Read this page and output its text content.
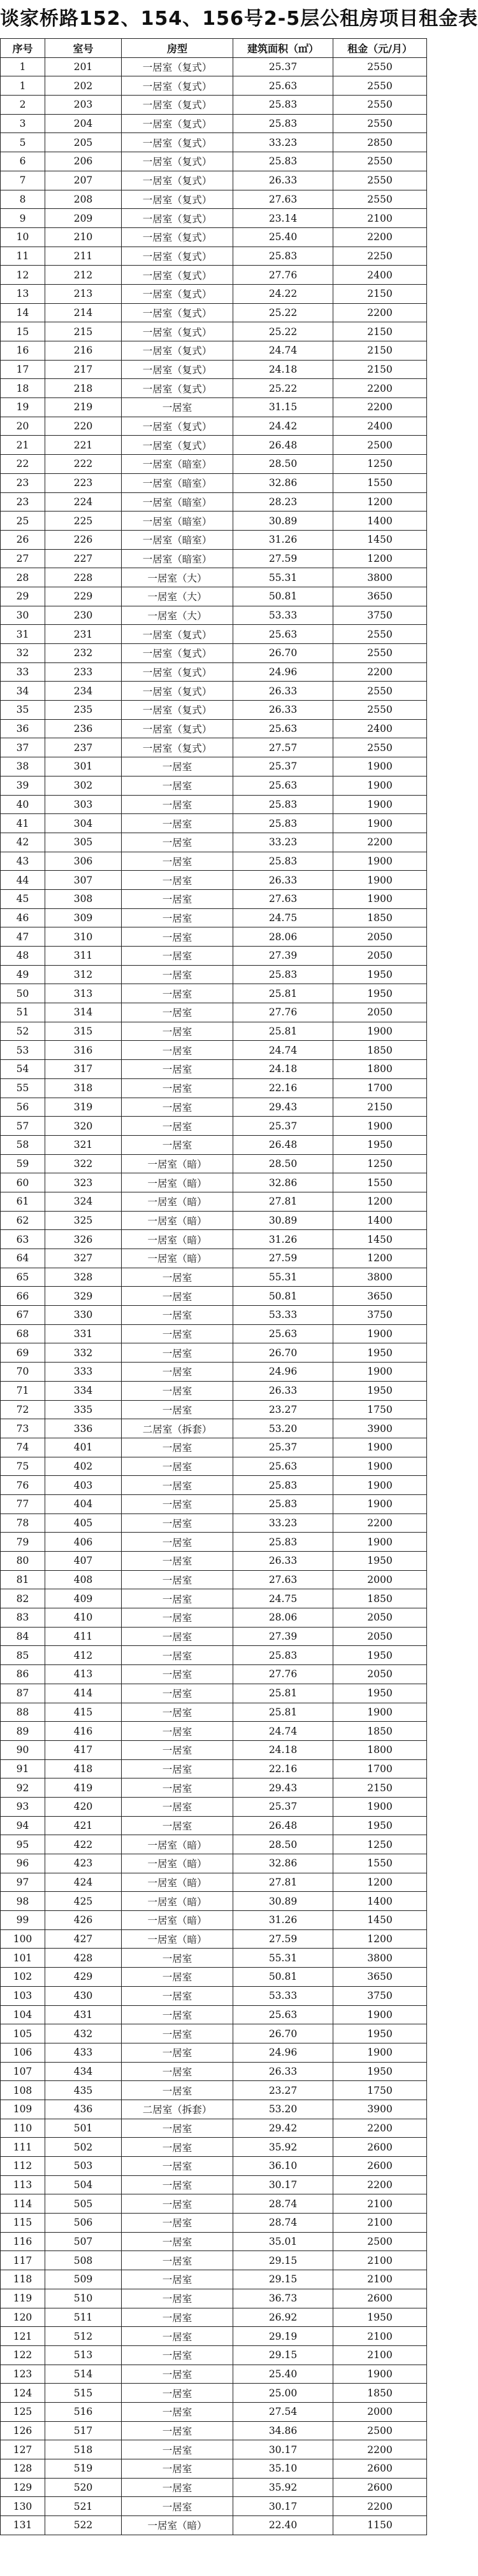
谈家桥路152、154、156号2-5层公租房项目租金表
序号	室号	房型	建筑面积（㎡）	租金（元/月）
1	201	一居室（复式）	25.37	2550
1	202	一居室（复式）	25.63	2550
2	203	一居室（复式）	25.83	2550
3	204	一居室（复式）	25.83	2550
5	205	一居室（复式）	33.23	2850
6	206	一居室（复式）	25.83	2550
7	207	一居室（复式）	26.33	2550
8	208	一居室（复式）	27.63	2550
9	209	一居室（复式）	23.14	2100
10	210	一居室（复式）	25.40	2200
11	211	一居室（复式）	25.83	2250
12	212	一居室（复式）	27.76	2400
13	213	一居室（复式）	24.22	2150
14	214	一居室（复式）	25.22	2200
15	215	一居室（复式）	25.22	2150
16	216	一居室（复式）	24.74	2150
17	217	一居室（复式）	24.18	2150
18	218	一居室（复式）	25.22	2200
19	219	一居室	31.15	2200
20	220	一居室（复式）	24.42	2400
21	221	一居室（复式）	26.48	2500
22	222	一居室（暗室）	28.50	1250
23	223	一居室（暗室）	32.86	1550
23	224	一居室（暗室）	28.23	1200
25	225	一居室（暗室）	30.89	1400
26	226	一居室（暗室）	31.26	1450
27	227	一居室（暗室）	27.59	1200
28	228	一居室（大）	55.31	3800
29	229	一居室（大）	50.81	3650
30	230	一居室（大）	53.33	3750
31	231	一居室（复式）	25.63	2550
32	232	一居室（复式）	26.70	2550
33	233	一居室（复式）	24.96	2200
34	234	一居室（复式）	26.33	2550
35	235	一居室（复式）	26.33	2550
36	236	一居室（复式）	25.63	2400
37	237	一居室（复式）	27.57	2550
38	301	一居室	25.37	1900
39	302	一居室	25.63	1900
40	303	一居室	25.83	1900
41	304	一居室	25.83	1900
42	305	一居室	33.23	2200
43	306	一居室	25.83	1900
44	307	一居室	26.33	1900
45	308	一居室	27.63	1900
46	309	一居室	24.75	1850
47	310	一居室	28.06	2050
48	311	一居室	27.39	2050
49	312	一居室	25.83	1950
50	313	一居室	25.81	1950
51	314	一居室	27.76	2050
52	315	一居室	25.81	1900
53	316	一居室	24.74	1850
54	317	一居室	24.18	1800
55	318	一居室	22.16	1700
56	319	一居室	29.43	2150
57	320	一居室	25.37	1900
58	321	一居室	26.48	1950
59	322	一居室（暗）	28.50	1250
60	323	一居室（暗）	32.86	1550
61	324	一居室（暗）	27.81	1200
62	325	一居室（暗）	30.89	1400
63	326	一居室（暗）	31.26	1450
64	327	一居室（暗）	27.59	1200
65	328	一居室	55.31	3800
66	329	一居室	50.81	3650
67	330	一居室	53.33	3750
68	331	一居室	25.63	1900
69	332	一居室	26.70	1950
70	333	一居室	24.96	1900
71	334	一居室	26.33	1950
72	335	一居室	23.27	1750
73	336	二居室（拆套）	53.20	3900
74	401	一居室	25.37	1900
75	402	一居室	25.63	1900
76	403	一居室	25.83	1900
77	404	一居室	25.83	1900
78	405	一居室	33.23	2200
79	406	一居室	25.83	1900
80	407	一居室	26.33	1950
81	408	一居室	27.63	2000
82	409	一居室	24.75	1850
83	410	一居室	28.06	2050
84	411	一居室	27.39	2050
85	412	一居室	25.83	1950
86	413	一居室	27.76	2050
87	414	一居室	25.81	1950
88	415	一居室	25.81	1900
89	416	一居室	24.74	1850
90	417	一居室	24.18	1800
91	418	一居室	22.16	1700
92	419	一居室	29.43	2150
93	420	一居室	25.37	1900
94	421	一居室	26.48	1950
95	422	一居室（暗）	28.50	1250
96	423	一居室（暗）	32.86	1550
97	424	一居室（暗）	27.81	1200
98	425	一居室（暗）	30.89	1400
99	426	一居室（暗）	31.26	1450
100	427	一居室（暗）	27.59	1200
101	428	一居室	55.31	3800
102	429	一居室	50.81	3650
103	430	一居室	53.33	3750
104	431	一居室	25.63	1900
105	432	一居室	26.70	1950
106	433	一居室	24.96	1900
107	434	一居室	26.33	1950
108	435	一居室	23.27	1750
109	436	二居室（拆套）	53.20	3900
110	501	一居室	29.42	2200
111	502	一居室	35.92	2600
112	503	一居室	36.10	2600
113	504	一居室	30.17	2200
114	505	一居室	28.74	2100
115	506	一居室	28.74	2100
116	507	一居室	35.01	2500
117	508	一居室	29.15	2100
118	509	一居室	29.15	2100
119	510	一居室	36.73	2600
120	511	一居室	26.92	1950
121	512	一居室	29.19	2100
122	513	一居室	29.15	2100
123	514	一居室	25.40	1900
124	515	一居室	25.00	1850
125	516	一居室	27.54	2000
126	517	一居室	34.86	2500
127	518	一居室	30.17	2200
128	519	一居室	35.10	2600
129	520	一居室	35.92	2600
130	521	一居室	30.17	2200
131	522	一居室（暗）	22.40	1150
